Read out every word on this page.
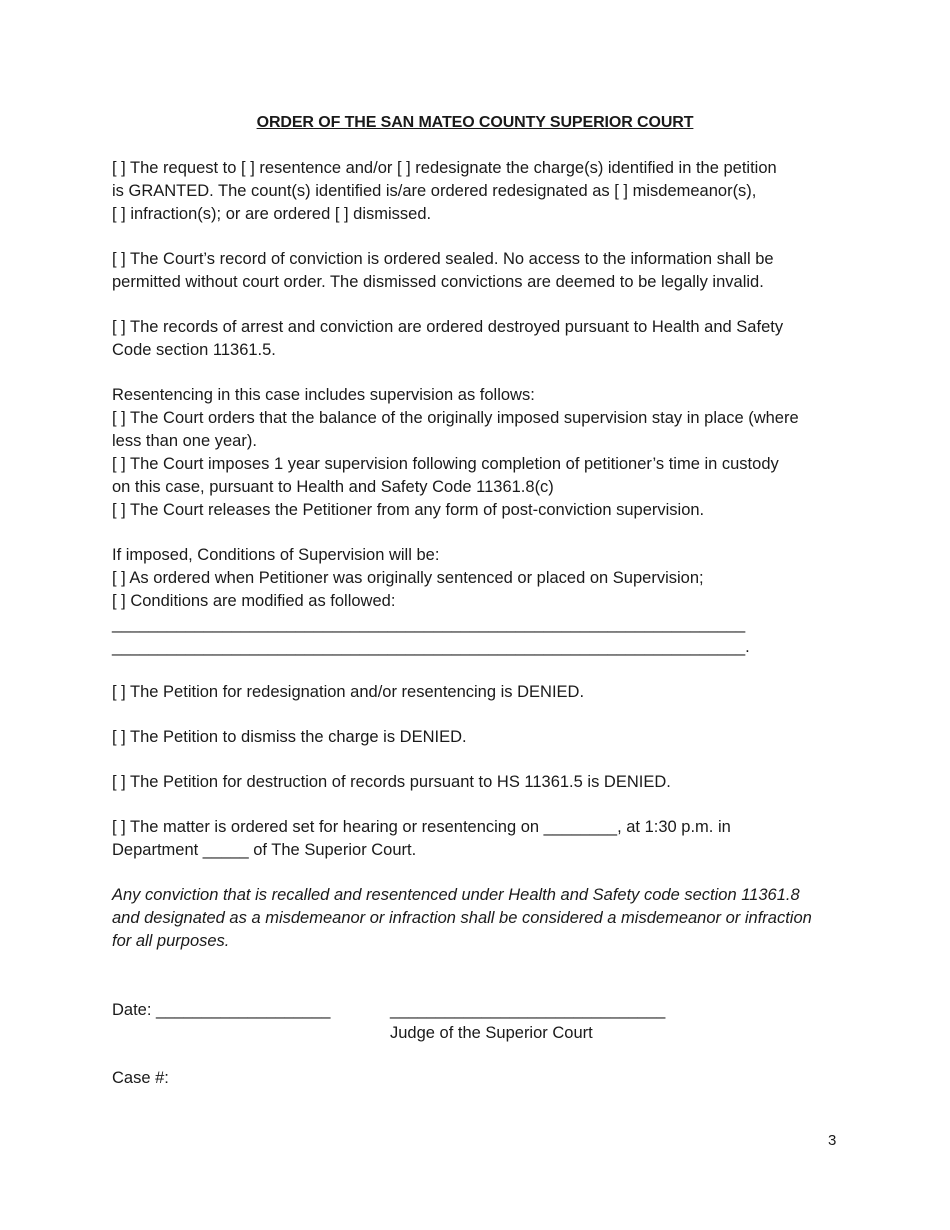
ORDER OF THE SAN MATEO COUNTY SUPERIOR COURT

[ ] The request to [ ] resentence and/or [ ] redesignate the charge(s) identified in the petition

is GRANTED. The count(s) identified is/are ordered redesignated as [ ] misdemeanor(s),

[ ] infraction(s); or are ordered [ ] dismissed.

[ ] The Court’s record of conviction is ordered sealed. No access to the information shall be

permitted without court order. The dismissed convictions are deemed to be legally invalid.

[ ] The records of arrest and conviction are ordered destroyed pursuant to Health and Safety

Code section 11361.5.

Resentencing in this case includes supervision as follows:

[ ] The Court orders that the balance of the originally imposed supervision stay in place (where

less than one year).

[ ] The Court imposes 1 year supervision following completion of petitioner’s time in custody

on this case, pursuant to Health and Safety Code 11361.8(c)

[ ] The Court releases the Petitioner from any form of post-conviction supervision.

If imposed, Conditions of Supervision will be:

[ ] As ordered when Petitioner was originally sentenced or placed on Supervision;

[ ] Conditions are modified as followed:

_____________________________________________________________________

_____________________________________________________________________.

[ ] The Petition for redesignation and/or resentencing is DENIED.

[ ] The Petition to dismiss the charge is DENIED.

[ ] The Petition for destruction of records pursuant to HS 11361.5 is DENIED.

[ ] The matter is ordered set for hearing or resentencing on ________, at 1:30 p.m. in

Department _____ of The Superior Court.

Any conviction that is recalled and resentenced under Health and Safety code section 11361.8

and designated as a misdemeanor or infraction shall be considered a misdemeanor or infraction

for all purposes.

Date: ___________________	______________________________
Judge of the Superior Court
Case #:
3
